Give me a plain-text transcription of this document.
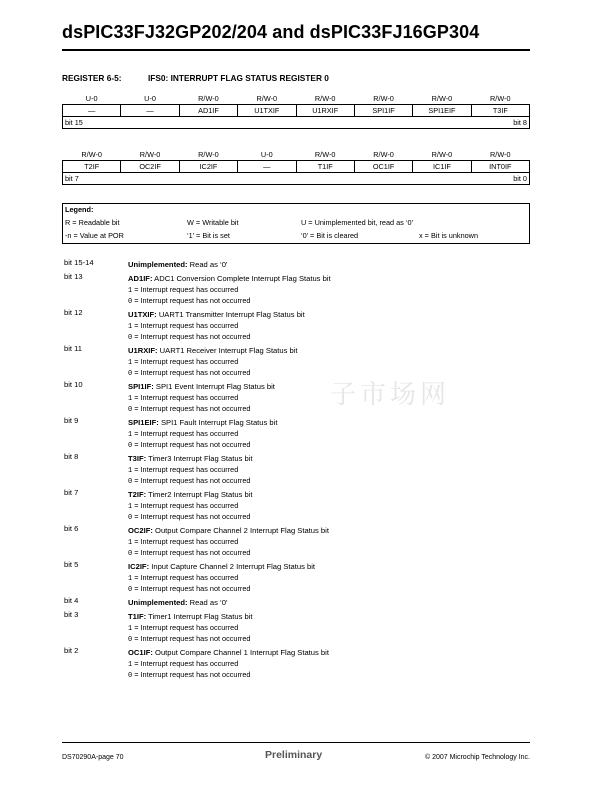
dsPIC33FJ32GP202/204 and dsPIC33FJ16GP304
REGISTER 6-5:	IFS0: INTERRUPT FLAG STATUS REGISTER 0
U-0	U-0	R/W-0	R/W-0	R/W-0	R/W-0	R/W-0	R/W-0
—	—	AD1IF	U1TXIF	U1RXIF	SPI1IF	SPI1EIF	T3IF

bit 15 bit 8							
R/W-0	R/W-0	R/W-0	U-0	R/W-0	R/W-0	R/W-0	R/W-0
T2IF	OC2IF	IC2IF	—	T1IF	OC1IF	IC1IF	INT0IF

bit 7 bit 0							
Legend:
R = Readable bit	W = Writable bit	U = Unimplemented bit, read as ‘0’
-n = Value at POR	‘1’ = Bit is set	‘0’ = Bit is cleared	x = Bit is unknown
bit 15-14	Unimplemented: Read as ‘0’
bit 13	AD1IF: ADC1 Conversion Complete Interrupt Flag Status bit
1 = Interrupt request has occurred
0 = Interrupt request has not occurred
bit 12	U1TXIF: UART1 Transmitter Interrupt Flag Status bit
1 = Interrupt request has occurred
0 = Interrupt request has not occurred
bit 11	U1RXIF: UART1 Receiver Interrupt Flag Status bit
1 = Interrupt request has occurred
0 = Interrupt request has not occurred
bit 10	SPI1IF: SPI1 Event Interrupt Flag Status bit
1 = Interrupt request has occurred
0 = Interrupt request has not occurred
bit 9	SPI1EIF: SPI1 Fault Interrupt Flag Status bit
1 = Interrupt request has occurred
0 = Interrupt request has not occurred
bit 8	T3IF: Timer3 Interrupt Flag Status bit
1 = Interrupt request has occurred
0 = Interrupt request has not occurred
bit 7	T2IF: Timer2 Interrupt Flag Status bit
1 = Interrupt request has occurred
0 = Interrupt request has not occurred
bit 6	OC2IF: Output Compare Channel 2 Interrupt Flag Status bit
1 = Interrupt request has occurred
0 = Interrupt request has not occurred
bit 5	IC2IF: Input Capture Channel 2 Interrupt Flag Status bit
1 = Interrupt request has occurred
0 = Interrupt request has not occurred
bit 4	Unimplemented: Read as ‘0’
bit 3	T1IF: Timer1 Interrupt Flag Status bit
1 = Interrupt request has occurred
0 = Interrupt request has not occurred
bit 2	OC1IF: Output Compare Channel 1 Interrupt Flag Status bit
1 = Interrupt request has occurred
0 = Interrupt request has not occurred
子市场网
DS70290A-page 70	Preliminary	© 2007 Microchip Technology Inc.
